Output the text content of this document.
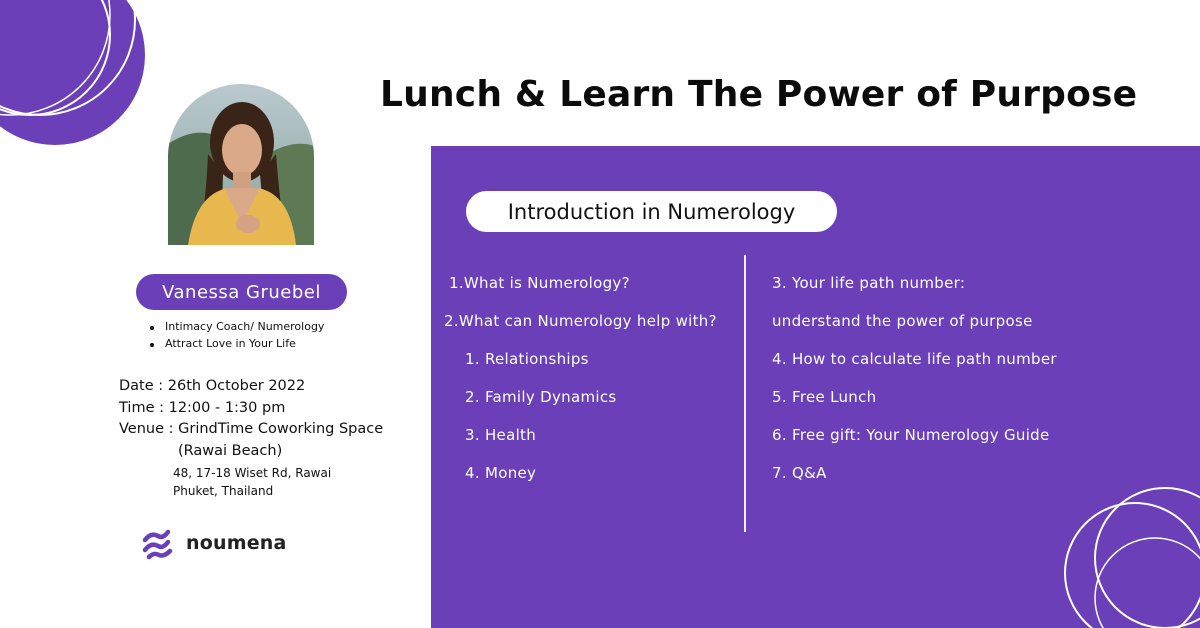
Lunch & Learn The Power of Purpose
Vanessa Gruebel
Intimacy Coach/ Numerology
Attract Love in Your Life
Date : 26th October 2022
Time : 12:00 - 1:30 pm
Venue : GrindTime Coworking Space
(Rawai Beach)
48, 17-18 Wiset Rd, Rawai
Phuket, Thailand
noumena
Introduction in Numerology
1.What is Numerology?
2.What can Numerology help with?
1. Relationships
2. Family Dynamics
3. Health
4. Money
3. Your life path number:
understand the power of purpose
4. How to calculate life path number
5. Free Lunch
6. Free gift: Your Numerology Guide
7. Q&A
